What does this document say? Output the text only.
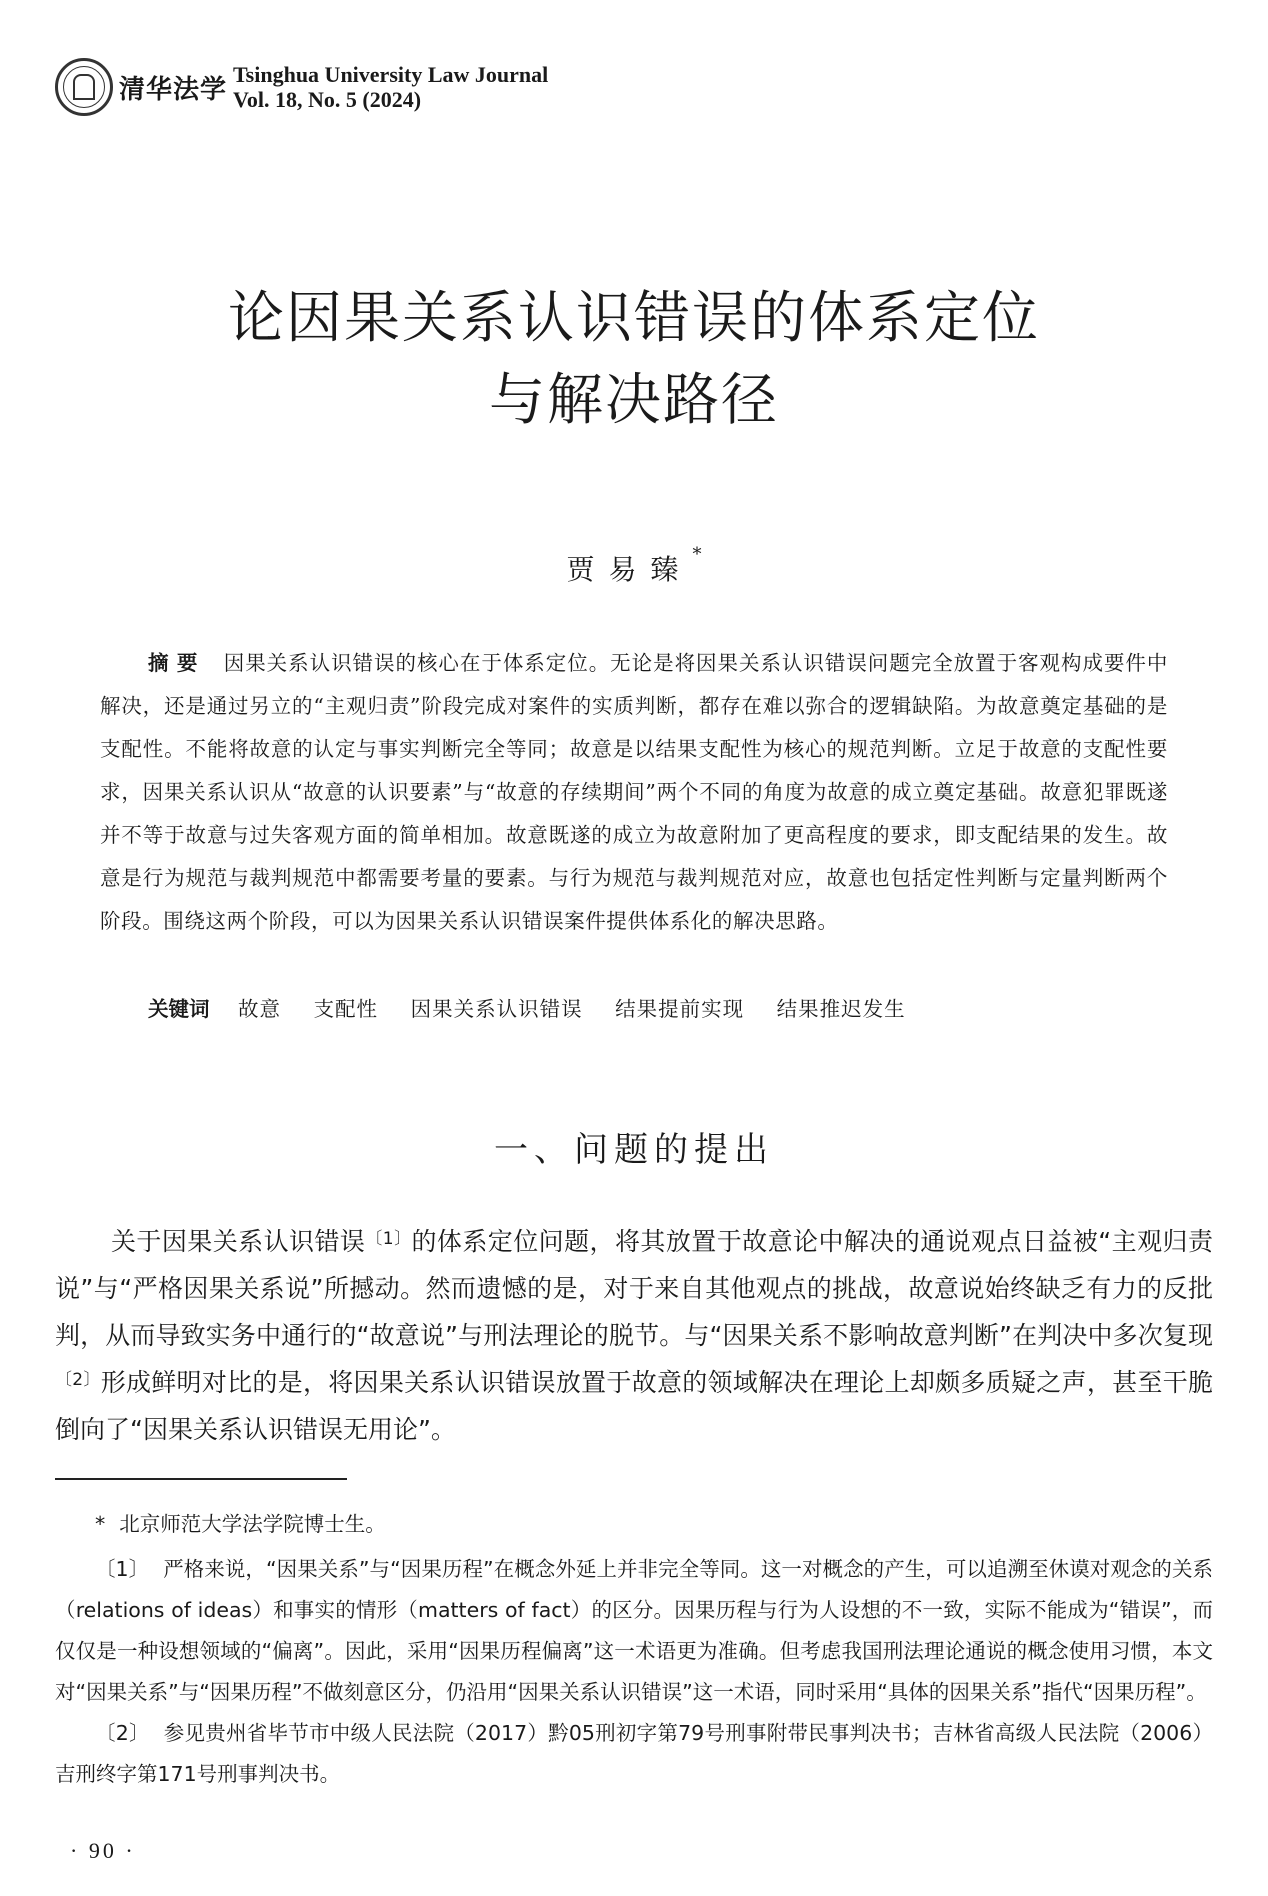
清华法学
Tsinghua University Law Journal
Vol. 18, No. 5 (2024)
论因果关系认识错误的体系定位
与解决路径
贾易臻*
摘要 因果关系认识错误的核心在于体系定位。无论是将因果关系认识错误问题完全放置于客观构成要件中解决，还是通过另立的“主观归责”阶段完成对案件的实质判断，都存在难以弥合的逻辑缺陷。为故意奠定基础的是支配性。不能将故意的认定与事实判断完全等同；故意是以结果支配性为核心的规范判断。立足于故意的支配性要求，因果关系认识从“故意的认识要素”与“故意的存续期间”两个不同的角度为故意的成立奠定基础。故意犯罪既遂并不等于故意与过失客观方面的简单相加。故意既遂的成立为故意附加了更高程度的要求，即支配结果的发生。故意是行为规范与裁判规范中都需要考量的要素。与行为规范与裁判规范对应，故意也包括定性判断与定量判断两个阶段。围绕这两个阶段，可以为因果关系认识错误案件提供体系化的解决思路。
关键词 故意 支配性 因果关系认识错误 结果提前实现 结果推迟发生
一、问题的提出
关于因果关系认识错误$^{〔1〕}$的体系定位问题，将其放置于故意论中解决的通说观点日益被“主观归责说”与“严格因果关系说”所撼动。然而遗憾的是，对于来自其他观点的挑战，故意说始终缺乏有力的反批判，从而导致实务中通行的“故意说”与刑法理论的脱节。与“因果关系不影响故意判断”在判决中多次复现$^{〔2〕}$形成鲜明对比的是，将因果关系认识错误放置于故意的领域解决在理论上却颇多质疑之声，甚至干脆倒向了“因果关系认识错误无用论”。

* 北京师范大学法学院博士生。

〔1〕 严格来说，“因果关系”与“因果历程”在概念外延上并非完全等同。这一对概念的产生，可以追溯至休谟对观念的关系（relations of ideas）和事实的情形（matters of fact）的区分。因果历程与行为人设想的不一致，实际不能成为“错误”，而仅仅是一种设想领域的“偏离”。因此，采用“因果历程偏离”这一术语更为准确。但考虑我国刑法理论通说的概念使用习惯，本文对“因果关系”与“因果历程”不做刻意区分，仍沿用“因果关系认识错误”这一术语，同时采用“具体的因果关系”指代“因果历程”。

〔2〕 参见贵州省毕节市中级人民法院（2017）黔05刑初字第79号刑事附带民事判决书；吉林省高级人民法院（2006）吉刑终字第171号刑事判决书。

· 90 ·
